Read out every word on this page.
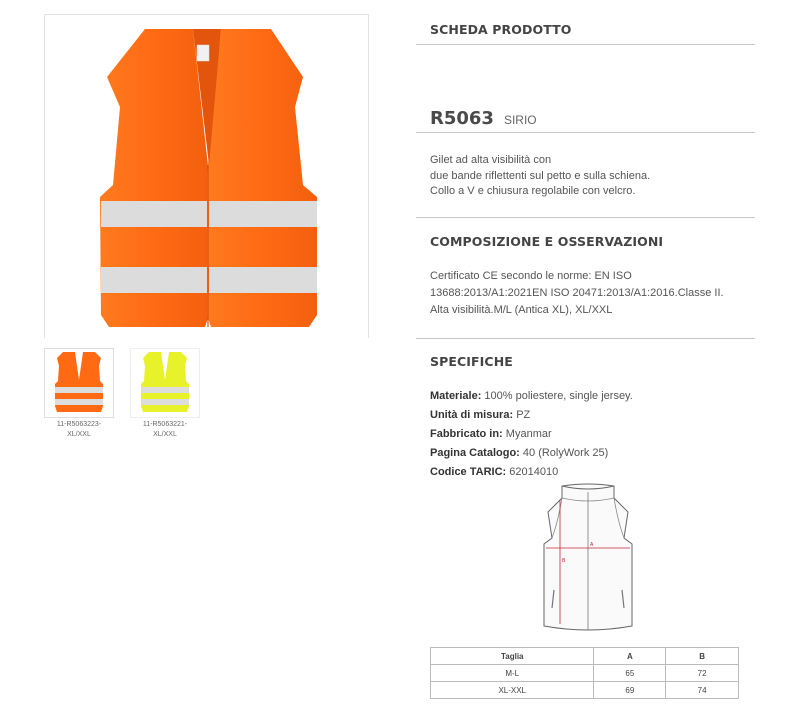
11-R5063223-
XL/XXL
11-R5063221-
XL/XXL
SCHEDA PRODOTTO
R5063 SIRIO
Gilet ad alta visibilità con
due bande riflettenti sul petto e sulla schiena.
Collo a V e chiusura regolabile con velcro.
COMPOSIZIONE E OSSERVAZIONI
Certificato CE secondo le norme: EN ISO
13688:2013/A1:2021EN ISO 20471:2013/A1:2016.Classe II.
Alta visibilità.M/L (Antica XL), XL/XXL
SPECIFICHE
Materiale: 100% poliestere, single jersey.
Unità di misura: PZ
Fabbricato in: Myanmar
Pagina Catalogo: 40 (RolyWork 25)
Codice TARIC: 62014010
A
B
Taglia	A	B
M-L	65	72
XL-XXL	69	74
